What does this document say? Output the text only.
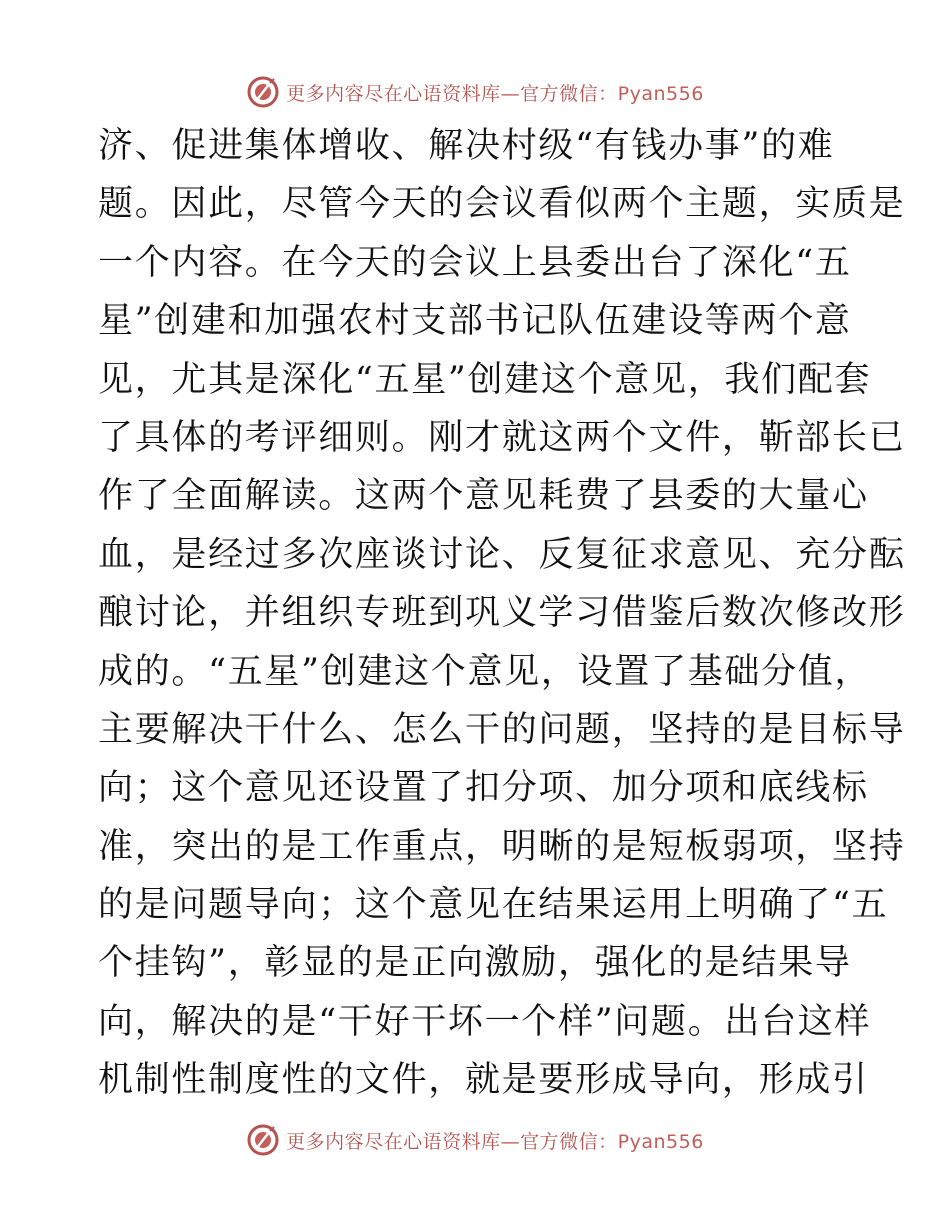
更多内容尽在心语资料库—官方微信：Pyan556
济、促进集体增收、解决村级“有钱办事”的难
题。因此，尽管今天的会议看似两个主题，实质是
一个内容。在今天的会议上县委出台了深化“五
星”创建和加强农村支部书记队伍建设等两个意
见，尤其是深化“五星”创建这个意见，我们配套
了具体的考评细则。刚才就这两个文件，靳部长已
作了全面解读。这两个意见耗费了县委的大量心
血，是经过多次座谈讨论、反复征求意见、充分酝
酿讨论，并组织专班到巩义学习借鉴后数次修改形
成的。“五星”创建这个意见，设置了基础分值，
主要解决干什么、怎么干的问题，坚持的是目标导
向；这个意见还设置了扣分项、加分项和底线标
准，突出的是工作重点，明晰的是短板弱项，坚持
的是问题导向；这个意见在结果运用上明确了“五
个挂钩”，彰显的是正向激励，强化的是结果导
向，解决的是“干好干坏一个样”问题。出台这样
机制性制度性的文件，就是要形成导向，形成引
更多内容尽在心语资料库—官方微信：Pyan556
